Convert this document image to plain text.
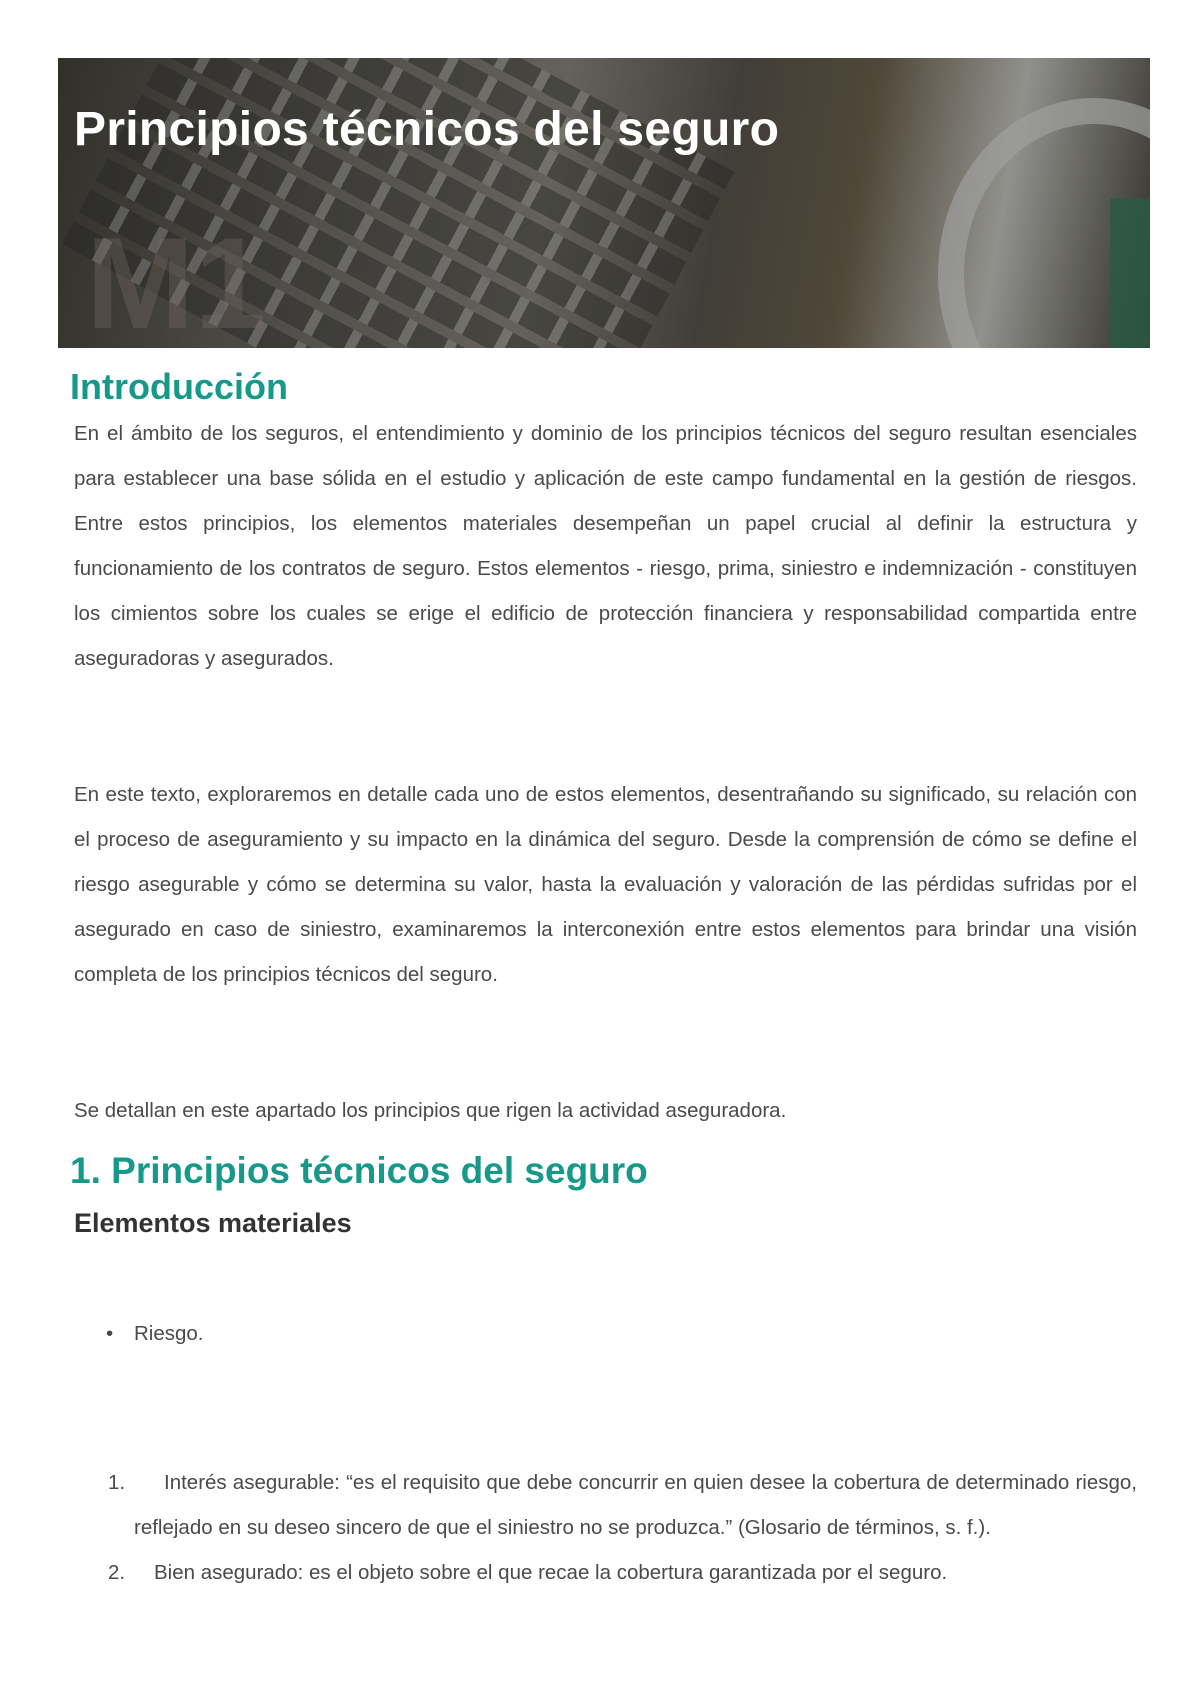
M1
Principios técnicos del seguro
Introducción

En el ámbito de los seguros, el entendimiento y dominio de los principios técnicos del seguro resultan esenciales para establecer una base sólida en el estudio y aplicación de este campo fundamental en la gestión de riesgos. Entre estos principios, los elementos materiales desempeñan un papel crucial al definir la estructura y funcionamiento de los contratos de seguro. Estos elementos - riesgo, prima, siniestro e indemnización - constituyen los cimientos sobre los cuales se erige el edificio de protección financiera y responsabilidad compartida entre aseguradoras y asegurados.

En este texto, exploraremos en detalle cada uno de estos elementos, desentrañando su significado, su relación con el proceso de aseguramiento y su impacto en la dinámica del seguro. Desde la comprensión de cómo se define el riesgo asegurable y cómo se determina su valor, hasta la evaluación y valoración de las pérdidas sufridas por el asegurado en caso de siniestro, examinaremos la interconexión entre estos elementos para brindar una visión completa de los principios técnicos del seguro.

Se detallan en este apartado los principios que rigen la actividad aseguradora.

1. Principios técnicos del seguro
Elementos materiales
• Riesgo.
1.	Interés asegurable: “es el requisito que debe concurrir en quien desee la cobertura de determinado riesgo, reflejado en su deseo sincero de que el siniestro no se produzca.” (Glosario de términos, s. f.).
2.	Bien asegurado: es el objeto sobre el que recae la cobertura garantizada por el seguro.
